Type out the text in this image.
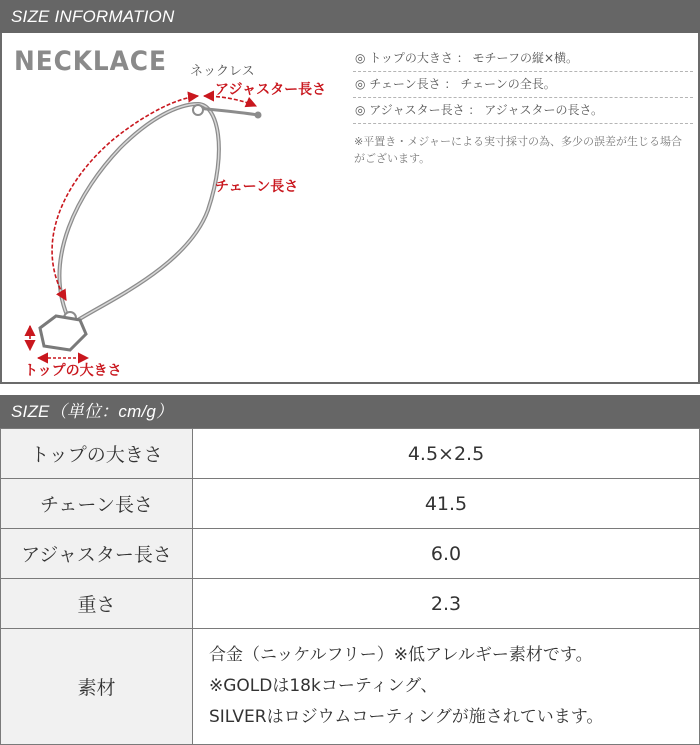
SIZE INFORMATION
NECKLACE ネックレス
アジャスター長さ
チェーン長さ
トップの大きさ
◎ トップの大きさ ： モチーフの縦×横。
◎ チェーン長さ ： チェーンの全長。
◎ アジャスター長さ ： アジャスターの長さ。
※平置き・メジャーによる実寸採寸の為、多少の誤差が生じる場合がございます。
SIZE（単位：cm/g）
トップの大きさ	4.5×2.5
チェーン長さ	41.5
アジャスター長さ	6.0
重さ	2.3
素材	合金（ニッケルフリー）※低アレルギー素材です。
※GOLDは18kコーティング、
SILVERはロジウムコーティングが施されています。
